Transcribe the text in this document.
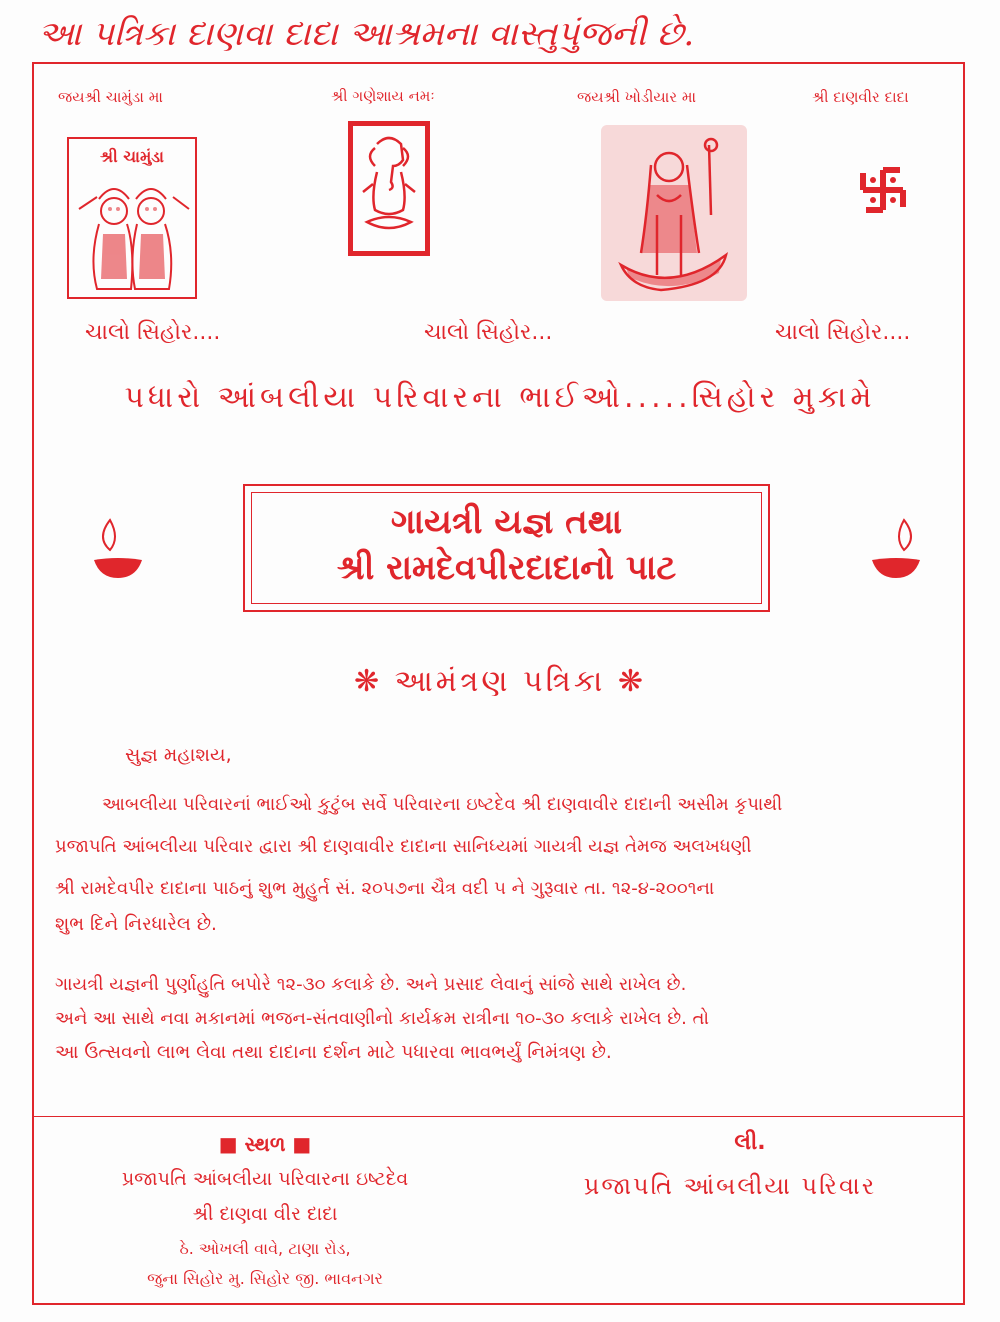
આ પત્રિકા દાણવા દાદા આશ્રમના વાસ્તુપુંજની છે.
જયશ્રી ચામુંડા મા	શ્રી ગણેશાય નમઃ	જયશ્રી ખોડીયાર મા	શ્રી દાણવીર દાદા
શ્રી ચામુંડા
ચાલો સિહોર....	ચાલો સિહોર...	ચાલો સિહોર....
પધારો આંબલીયા પરિવારના ભાઈઓ.....સિહોર મુકામે
ગાયત્રી યજ્ઞ તથા
શ્રી રામદેવપીરદાદાનો પાટ
❋ આમંત્રણ પત્રિકા ❋
સુજ્ઞ મહાશય,
આબલીયા પરિવારનાં ભાઈઓ કુટુંબ સર્વે પરિવારના ઇષ્ટદેવ શ્રી દાણવાવીર દાદાની અસીમ કૃપાથી
પ્રજાપતિ આંબલીયા પરિવાર દ્વારા શ્રી દાણવાવીર દાદાના સાનિધ્યમાં ગાયત્રી યજ્ઞ તેમજ અલખધણી
શ્રી રામદેવપીર દાદાના પાઠનું શુભ મુહુર્ત સં. ૨૦૫૭ના ચૈત્ર વદી ૫ ને ગુરૂવાર તા. ૧૨-૪-૨૦૦૧ના
શુભ દિને નિરધારેલ છે.
ગાયત્રી યજ્ઞની પુર્ણાહુતિ બપોરે ૧૨-૩૦ કલાકે છે. અને પ્રસાદ લેવાનું સાંજે સાથે રાખેલ છે.
અને આ સાથે નવા મકાનમાં ભજન-સંતવાણીનો કાર્યક્રમ રાત્રીના ૧૦-૩૦ કલાકે રાખેલ છે. તો
આ ઉત્સવનો લાભ લેવા તથા દાદાના દર્શન માટે પધારવા ભાવભર્યું નિમંત્રણ છે.
■ સ્થળ ■
પ્રજાપતિ આંબલીયા પરિવારના ઇષ્ટદેવ
શ્રી દાણવા વીર દાદા
ઠે. ઓખલી વાવે, ટાણા રોડ,
જુના સિહોર મુ. સિહોર જી. ભાવનગર
લી.
પ્રજાપતિ આંબલીયા પરિવાર
